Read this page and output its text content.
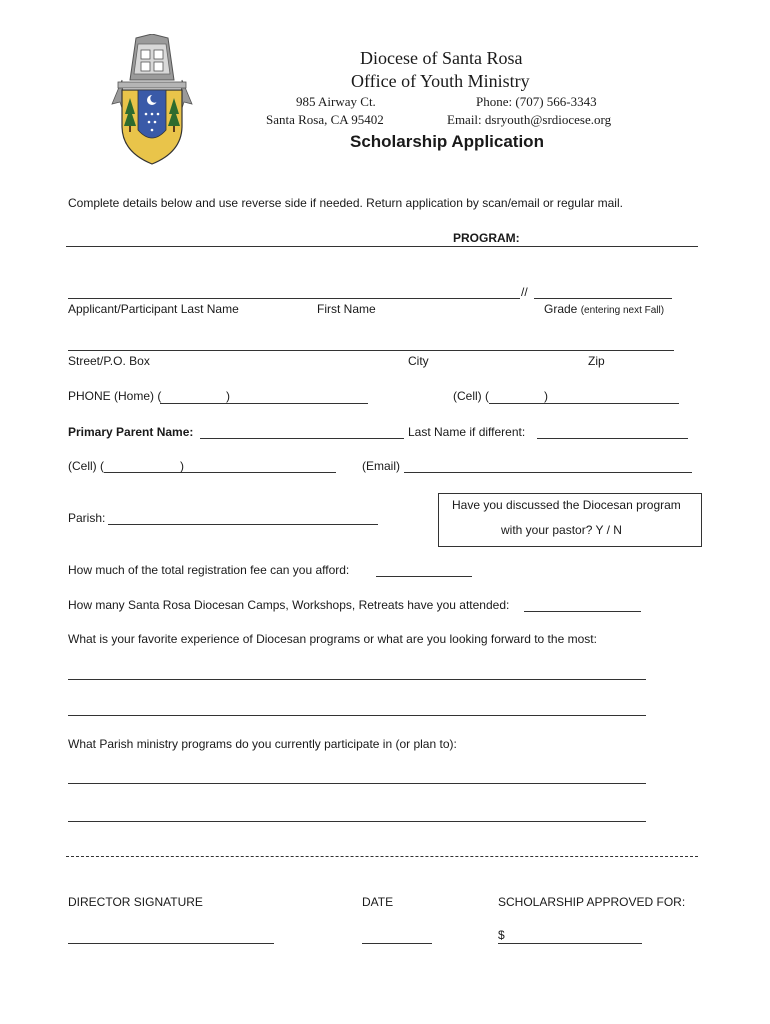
Diocese of Santa Rosa
Office of Youth Ministry
985 Airway Ct.
Santa Rosa, CA 95402
Phone: (707) 566-3343
Email: dsryouth@srdiocese.org
Scholarship Application
Complete details below and use reverse side if needed. Return application by scan/email or regular mail.
PROGRAM:
//
Applicant/Participant Last Name	First Name	Grade (entering next Fall)
Street/P.O. Box	City	Zip
PHONE (Home) (	)	(Cell) (	)
Primary Parent Name:	Last Name if different:
(Cell) (	)	(Email)
Parish:
Have you discussed the Diocesan program
with your pastor? Y / N
How much of the total registration fee can you afford:
How many Santa Rosa Diocesan Camps, Workshops, Retreats have you attended:
What is your favorite experience of Diocesan programs or what are you looking forward to the most:
What Parish ministry programs do you currently participate in (or plan to):
DIRECTOR SIGNATURE	DATE	SCHOLARSHIP APPROVED FOR:
$
